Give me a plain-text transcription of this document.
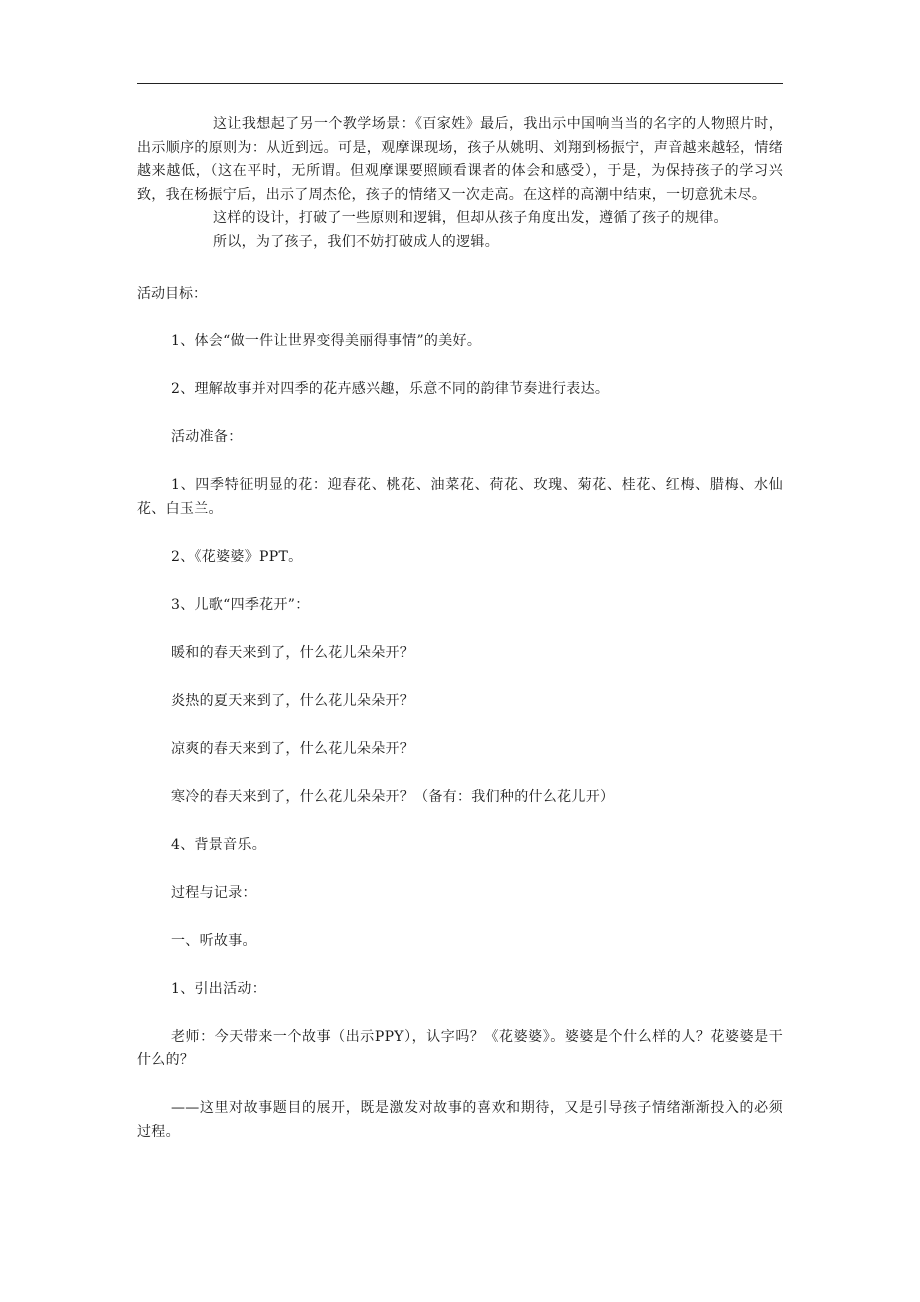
这让我想起了另一个教学场景：《百家姓》最后，我出示中国响当当的名字的人物照片时，出示顺序的原则为：从近到远。可是，观摩课现场，孩子从姚明、刘翔到杨振宁，声音越来越轻，情绪越来越低，（这在平时，无所谓。但观摩课要照顾看课者的体会和感受），于是，为保持孩子的学习兴致，我在杨振宁后，出示了周杰伦，孩子的情绪又一次走高。在这样的高潮中结束，一切意犹未尽。

这样的设计，打破了一些原则和逻辑，但却从孩子角度出发，遵循了孩子的规律。

所以，为了孩子，我们不妨打破成人的逻辑。

活动目标：

1、体会“做一件让世界变得美丽得事情”的美好。

2、理解故事并对四季的花卉感兴趣，乐意不同的韵律节奏进行表达。

活动准备：

1、四季特征明显的花：迎春花、桃花、油菜花、荷花、玫瑰、菊花、桂花、红梅、腊梅、水仙花、白玉兰。

2、《花婆婆》PPT。

3、儿歌“四季花开”：

暖和的春天来到了，什么花儿朵朵开？

炎热的夏天来到了，什么花儿朵朵开？

凉爽的春天来到了，什么花儿朵朵开？

寒冷的春天来到了，什么花儿朵朵开？（备有：我们种的什么花儿开）

4、背景音乐。

过程与记录：

一、听故事。

1、引出活动：

老师：今天带来一个故事（出示PPY），认字吗？《花婆婆》。婆婆是个什么样的人？花婆婆是干什么的？

——这里对故事题目的展开，既是激发对故事的喜欢和期待，又是引导孩子情绪渐渐投入的必须过程。
